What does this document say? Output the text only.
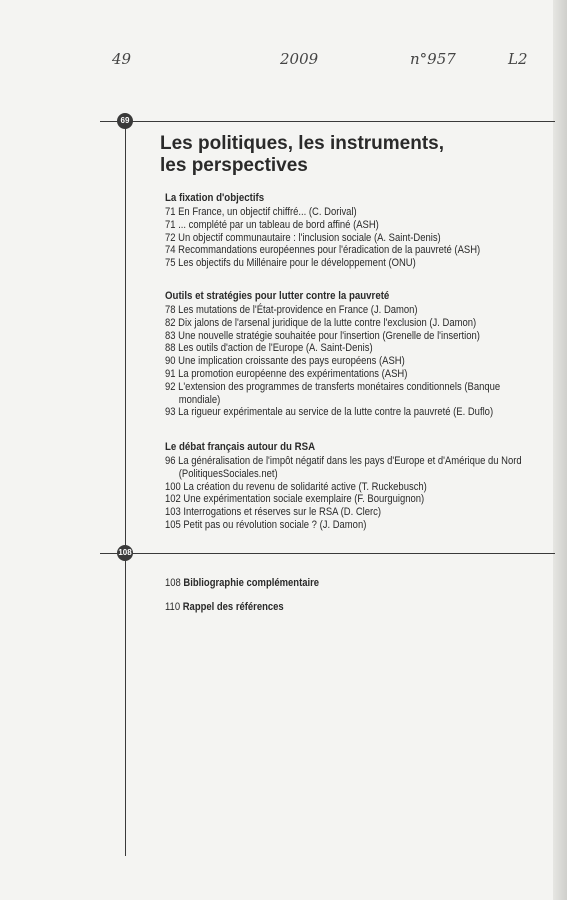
49	2009	n°957	L2
69
108
Les politiques, les instruments,
les perspectives
La fixation d'objectifs
71 En France, un objectif chiffré... (C. Dorival)
71 ... complété par un tableau de bord affiné (ASH)
72 Un objectif communautaire : l'inclusion sociale (A. Saint-Denis)
74 Recommandations européennes pour l'éradication de la pauvreté (ASH)
75 Les objectifs du Millénaire pour le développement (ONU)
Outils et stratégies pour lutter contre la pauvreté
78 Les mutations de l'État-providence en France (J. Damon)
82 Dix jalons de l'arsenal juridique de la lutte contre l'exclusion (J. Damon)
83 Une nouvelle stratégie souhaitée pour l'insertion (Grenelle de l'insertion)
88 Les outils d'action de l'Europe (A. Saint-Denis)
90 Une implication croissante des pays européens (ASH)
91 La promotion européenne des expérimentations (ASH)
92 L'extension des programmes de transferts monétaires conditionnels (Banque
mondiale)
93 La rigueur expérimentale au service de la lutte contre la pauvreté (E. Duflo)
Le débat français autour du RSA
96 La généralisation de l'impôt négatif dans les pays d'Europe et d'Amérique du Nord
(PolitiquesSociales.net)
100 La création du revenu de solidarité active (T. Ruckebusch)
102 Une expérimentation sociale exemplaire (F. Bourguignon)
103 Interrogations et réserves sur le RSA (D. Clerc)
105 Petit pas ou révolution sociale ? (J. Damon)
108 Bibliographie complémentaire
110 Rappel des références
